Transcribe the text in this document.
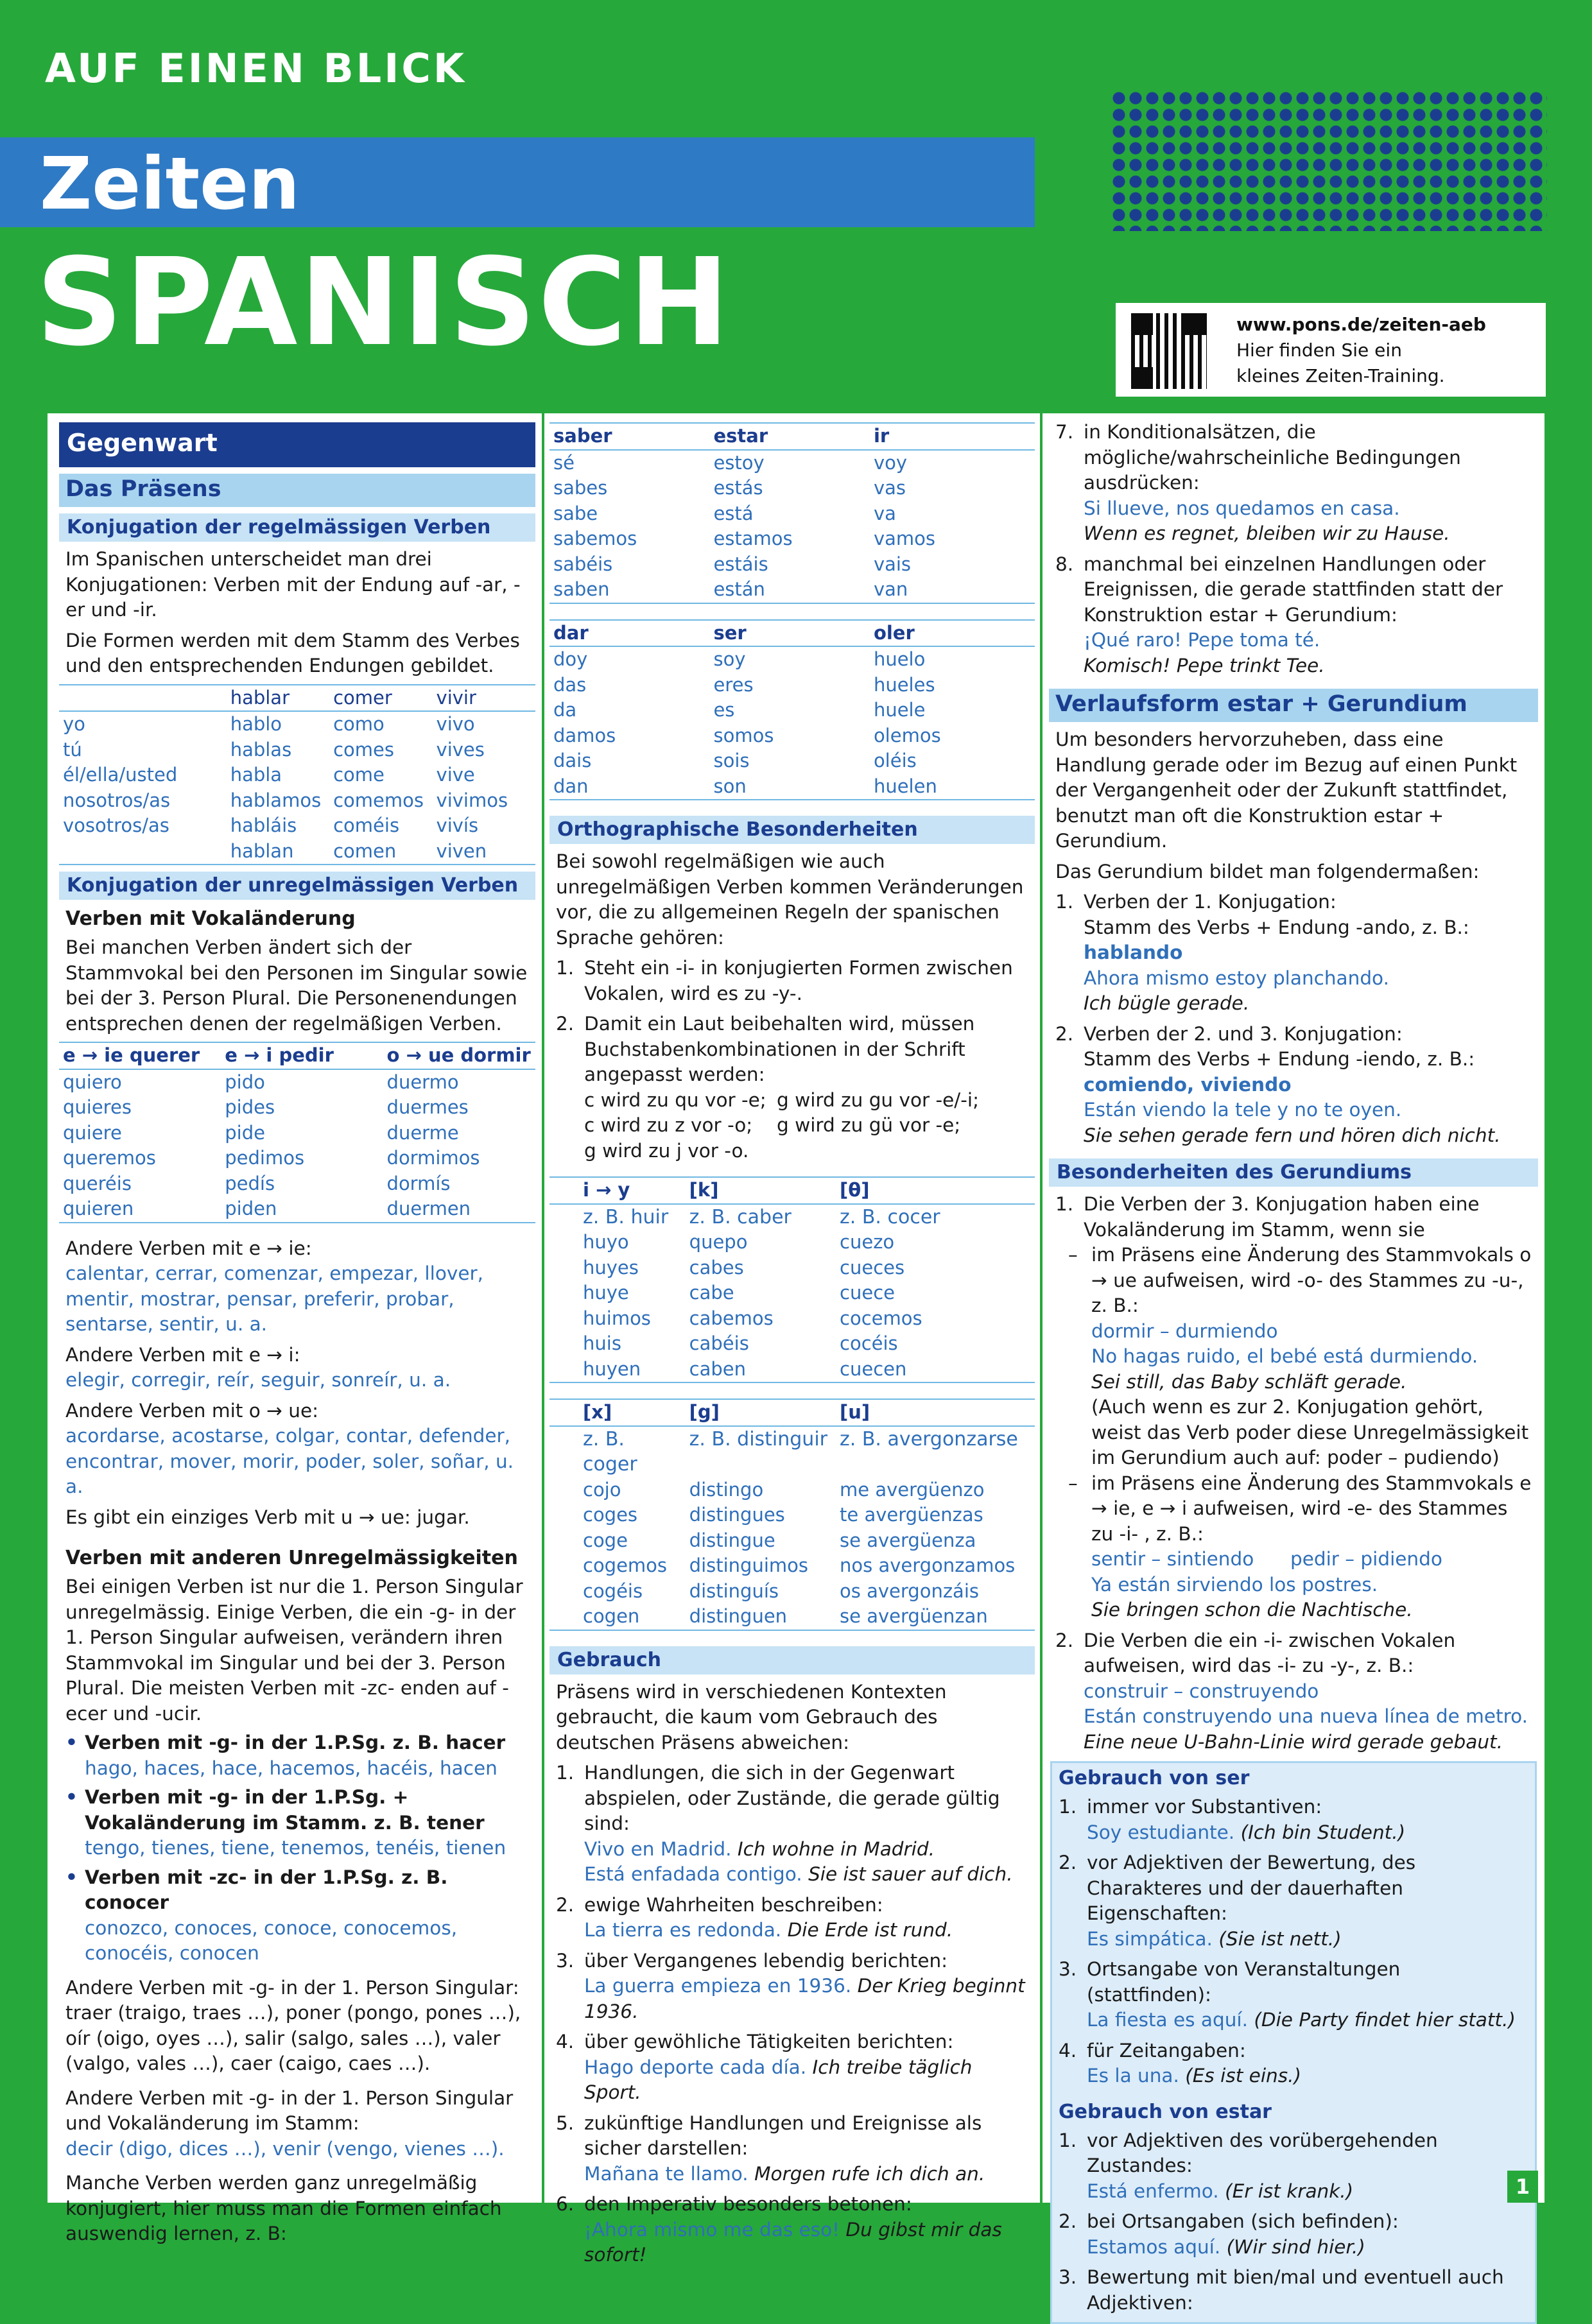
AUF EINEN BLICK
Zeiten
SPANISCH	www.pons.de/zeiten-aeb
Hier finden Sie ein
kleines Zeiten-Training.
Gegenwart
Das Präsens
Konjugation der regelmässigen Verben

Im Spanischen unterscheidet man drei Konjugationen: Verben mit der Endung auf -ar, -er und -ir.

Die Formen werden mit dem Stamm des Verbes und den entsprechenden Endungen gebildet.

	hablar	comer	vivir
yo	hablo	como	vivo
tú	hablas	comes	vives
él/ella/usted	habla	come	vive
nosotros/as	hablamos	comemos	vivimos
vosotros/as	habláis	coméis	vivís
	hablan	comen	viven
Konjugation der unregelmässigen Verben
Verben mit Vokaländerung

Bei manchen Verben ändert sich der Stammvokal bei den Personen im Singular sowie bei der 3. Person Plural. Die Personenendungen entsprechen denen der regelmäßigen Verben.

e → ie querer	e → i pedir	o → ue dormir
quiero	pido	duermo
quieres	pides	duermes
quiere	pide	duerme
queremos	pedimos	dormimos
queréis	pedís	dormís
quieren	piden	duermen

Andere Verben mit e → ie:

calentar, cerrar, comenzar, empezar, llover, mentir, mostrar, pensar, preferir, probar, sentarse, sentir, u. a.

Andere Verben mit e → i:

elegir, corregir, reír, seguir, sonreír, u. a.

Andere Verben mit o → ue:

acordarse, acostarse, colgar, contar, defender, encontrar, mover, morir, poder, soler, soñar, u. a.

Es gibt ein einziges Verb mit u → ue: jugar.

Verben mit anderen Unregelmässigkeiten

Bei einigen Verben ist nur die 1. Person Singular unregelmässig. Einige Verben, die ein -g- in der 1. Person Singular aufweisen, verändern ihren Stammvokal im Singular und bei der 3. Person Plural. Die meisten Verben mit -zc- enden auf -ecer und -ucir.

• Verben mit -g- in der 1.P.Sg. z. B. hacer
hago, haces, hace, hacemos, hacéis, hacen
• Verben mit -g- in der 1.P.Sg. + Vokaländerung im Stamm. z. B. tener
tengo, tienes, tiene, tenemos, tenéis, tienen
• Verben mit -zc- in der 1.P.Sg. z. B. conocer
conozco, conoces, conoce, conocemos, conocéis, conocen

Andere Verben mit -g- in der 1. Person Singular: traer (traigo, traes …), poner (pongo, pones …), oír (oigo, oyes …), salir (salgo, sales …), valer (valgo, vales …), caer (caigo, caes …).

Andere Verben mit -g- in der 1. Person Singular und Vokaländerung im Stamm:

decir (digo, dices …), venir (vengo, vienes …).

Manche Verben werden ganz unregelmäßig konjugiert, hier muss man die Formen einfach auswendig lernen, z. B:

saber	estar	ir
sé	estoy	voy
sabes	estás	vas
sabe	está	va
sabemos	estamos	vamos
sabéis	estáis	vais
saben	están	van
dar	ser	oler
doy	soy	huelo
das	eres	hueles
da	es	huele
damos	somos	olemos
dais	sois	oléis
dan	son	huelen
Orthographische Besonderheiten

Bei sowohl regelmäßigen wie auch unregelmäßigen Verben kommen Veränderungen vor, die zu allgemeinen Regeln der spanischen Sprache gehören:

1. Steht ein -i- in konjugierten Formen zwischen Vokalen, wird es zu -y-.
2. Damit ein Laut beibehalten wird, müssen Buchstabenkombinationen in der Schrift angepasst werden:
c wird zu qu vor -e; g wird zu gu vor -e/-i;
c wird zu z vor -o; g wird zu gü vor -e;
g wird zu j vor -o.
i → y	[k]	[θ]
z. B. huir	z. B. caber	z. B. cocer
huyo	quepo	cuezo
huyes	cabes	cueces
huye	cabe	cuece
huimos	cabemos	cocemos
huis	cabéis	cocéis
huyen	caben	cuecen
[x]	[g]	[u]
z. B. coger	z. B. distinguir	z. B. avergonzarse
cojo	distingo	me avergüenzo
coges	distingues	te avergüenzas
coge	distingue	se avergüenza
cogemos	distinguimos	nos avergonzamos
cogéis	distinguís	os avergonzáis
cogen	distinguen	se avergüenzan
Gebrauch

Präsens wird in verschiedenen Kontexten gebraucht, die kaum vom Gebrauch des deutschen Präsens abweichen:

1. Handlungen, die sich in der Gegenwart abspielen, oder Zustände, die gerade gültig sind:
Vivo en Madrid. Ich wohne in Madrid.
Está enfadada contigo. Sie ist sauer auf dich.
2. ewige Wahrheiten beschreiben:
La tierra es redonda. Die Erde ist rund.
3. über Vergangenes lebendig berichten:
La guerra empieza en 1936. Der Krieg beginnt 1936.
4. über gewöhliche Tätigkeiten berichten:
Hago deporte cada día. Ich treibe täglich Sport.
5. zukünftige Handlungen und Ereignisse als sicher darstellen:
Mañana te llamo. Morgen rufe ich dich an.
6. den Imperativ besonders betonen:
¡Ahora mismo me das eso! Du gibst mir das sofort!
7. in Konditionalsätzen, die mögliche/wahrscheinliche Bedingungen ausdrücken:
Si llueve, nos quedamos en casa.
Wenn es regnet, bleiben wir zu Hause.
8. manchmal bei einzelnen Handlungen oder Ereignissen, die gerade stattfinden statt der Konstruktion estar + Gerundium:
¡Qué raro! Pepe toma té.
Komisch! Pepe trinkt Tee.
Verlaufsform estar + Gerundium

Um besonders hervorzuheben, dass eine Handlung gerade oder im Bezug auf einen Punkt der Vergangenheit oder der Zukunft stattfindet, benutzt man oft die Konstruktion estar + Gerundium.

Das Gerundium bildet man folgendermaßen:

1. Verben der 1. Konjugation:
Stamm des Verbs + Endung -ando, z. B.:
hablando
Ahora mismo estoy planchando.
Ich bügle gerade.
2. Verben der 2. und 3. Konjugation:
Stamm des Verbs + Endung -iendo, z. B.:
comiendo, viviendo
Están viendo la tele y no te oyen.
Sie sehen gerade fern und hören dich nicht.
Besonderheiten des Gerundiums
1. Die Verben der 3. Konjugation haben eine Vokaländerung im Stamm, wenn sie
– im Präsens eine Änderung des Stammvokals o → ue aufweisen, wird -o- des Stammes zu -u-, z. B.:
dormir – durmiendo
No hagas ruido, el bebé está durmiendo.
Sei still, das Baby schläft gerade.
(Auch wenn es zur 2. Konjugation gehört, weist das Verb poder diese Unregelmässigkeit im Gerundium auch auf: poder – pudiendo)
– im Präsens eine Änderung des Stammvokals e → ie, e → i aufweisen, wird -e- des Stammes zu -i- , z. B.:
sentir – sintiendo pedir – pidiendo
Ya están sirviendo los postres.
Sie bringen schon die Nachtische.
2. Die Verben die ein -i- zwischen Vokalen aufweisen, wird das -i- zu -y-, z. B.:
construir – construyendo
Están construyendo una nueva línea de metro.
Eine neue U-Bahn-Linie wird gerade gebaut.
Gebrauch von ser
1. immer vor Substantiven:
Soy estudiante. (Ich bin Student.)
2. vor Adjektiven der Bewertung, des Charakteres und der dauerhaften Eigenschaften:
Es simpática. (Sie ist nett.)
3. Ortsangabe von Veranstaltungen (stattfinden):
La fiesta es aquí. (Die Party findet hier statt.)
4. für Zeitangaben:
Es la una. (Es ist eins.)
Gebrauch von estar
1. vor Adjektiven des vorübergehenden Zustandes:
Está enfermo. (Er ist krank.)
2. bei Ortsangaben (sich befinden):
Estamos aquí. (Wir sind hier.)
3. Bewertung mit bien/mal und eventuell auch Adjektiven:
1
